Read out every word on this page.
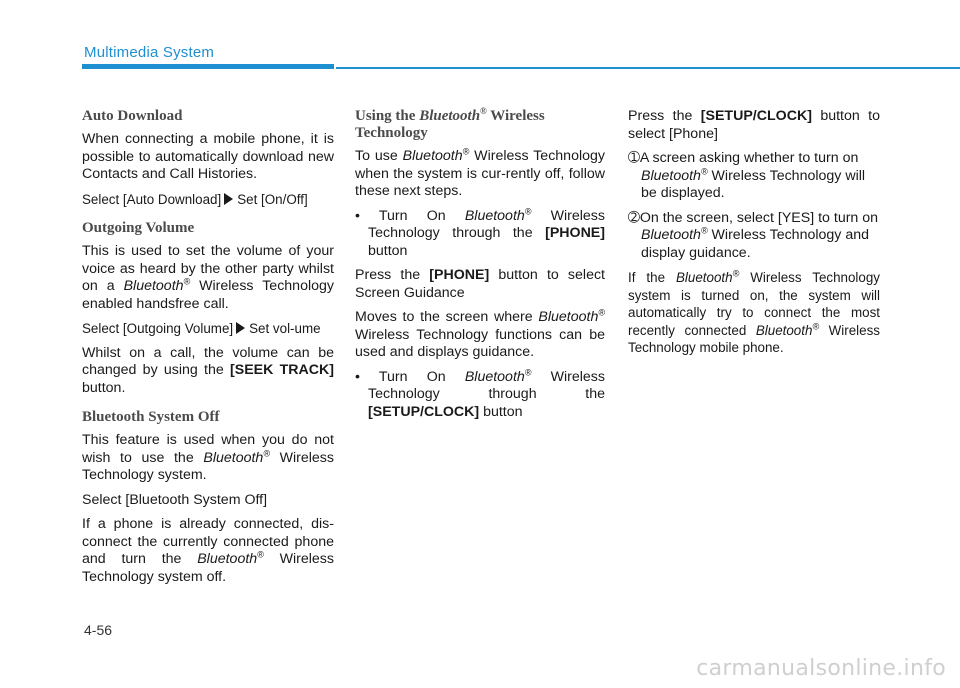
Multimedia System
Auto Download

When connecting a mobile phone, it is possible to automatically download new Contacts and Call Histories.

Select [Auto Download] Set [On/Off]

Outgoing Volume

This is used to set the volume of your voice as heard by the other party whilst on a Bluetooth® Wireless Technology enabled handsfree call.

Select [Outgoing Volume] Set vol-ume

Whilst on a call, the volume can be changed by using the [SEEK TRACK] button.

Bluetooth System Off

This feature is used when you do not wish to use the Bluetooth® Wireless Technology system.

Select [Bluetooth System Off]

If a phone is already connected, dis-connect the currently connected phone and turn the Bluetooth® Wireless Technology system off.

Using the Bluetooth® Wireless Technology

To use Bluetooth® Wireless Technology when the system is cur-rently off, follow these next steps.

• Turn On Bluetooth® Wireless Technology through the [PHONE] button

Press the [PHONE] button to select Screen Guidance

Moves to the screen where Bluetooth® Wireless Technology functions can be used and displays guidance.

• Turn On Bluetooth® Wireless Technology through the [SETUP/CLOCK] button

Press the [SETUP/CLOCK] button to select [Phone]

➀A screen asking whether to turn on Bluetooth® Wireless Technology will be displayed.

➁On the screen, select [YES] to turn on Bluetooth® Wireless Technology and display guidance.

If the Bluetooth® Wireless Technology system is turned on, the system will automatically try to connect the most recently connected Bluetooth® Wireless Technology mobile phone.

4-56
carmanualsonline.info
